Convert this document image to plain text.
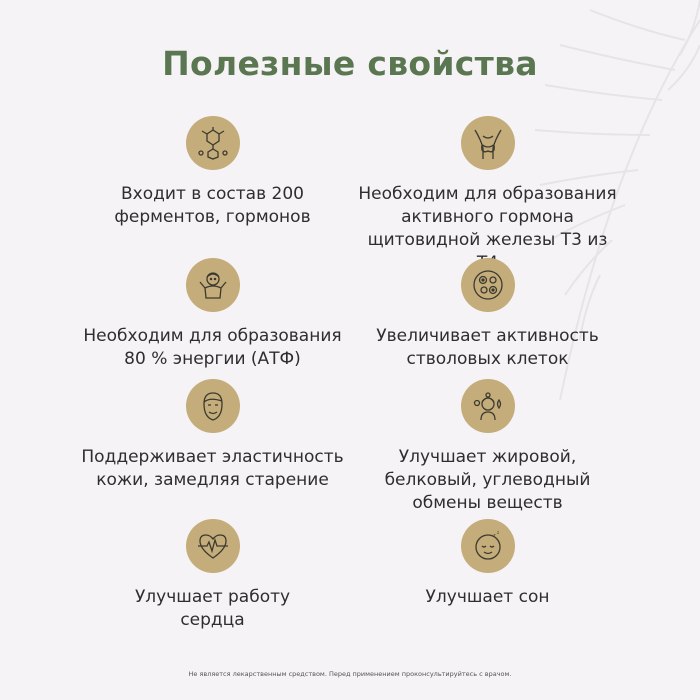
Полезные свойства
Входит в состав 200
ферментов, гормонов
Необходим для образования
активного гормона
щитовидной железы Т3 из
Необходим для образования
80 % энергии (АТФ)
Увеличивает активность
стволовых клеток
Поддерживает эластичность
кожи, замедляя старение
Улучшает жировой,
белковый, углеводный
обмены веществ
Улучшает работу
сердца
z
z
Улучшает сон
Не является лекарственным средством. Перед применением проконсультируйтесь с врачом.
